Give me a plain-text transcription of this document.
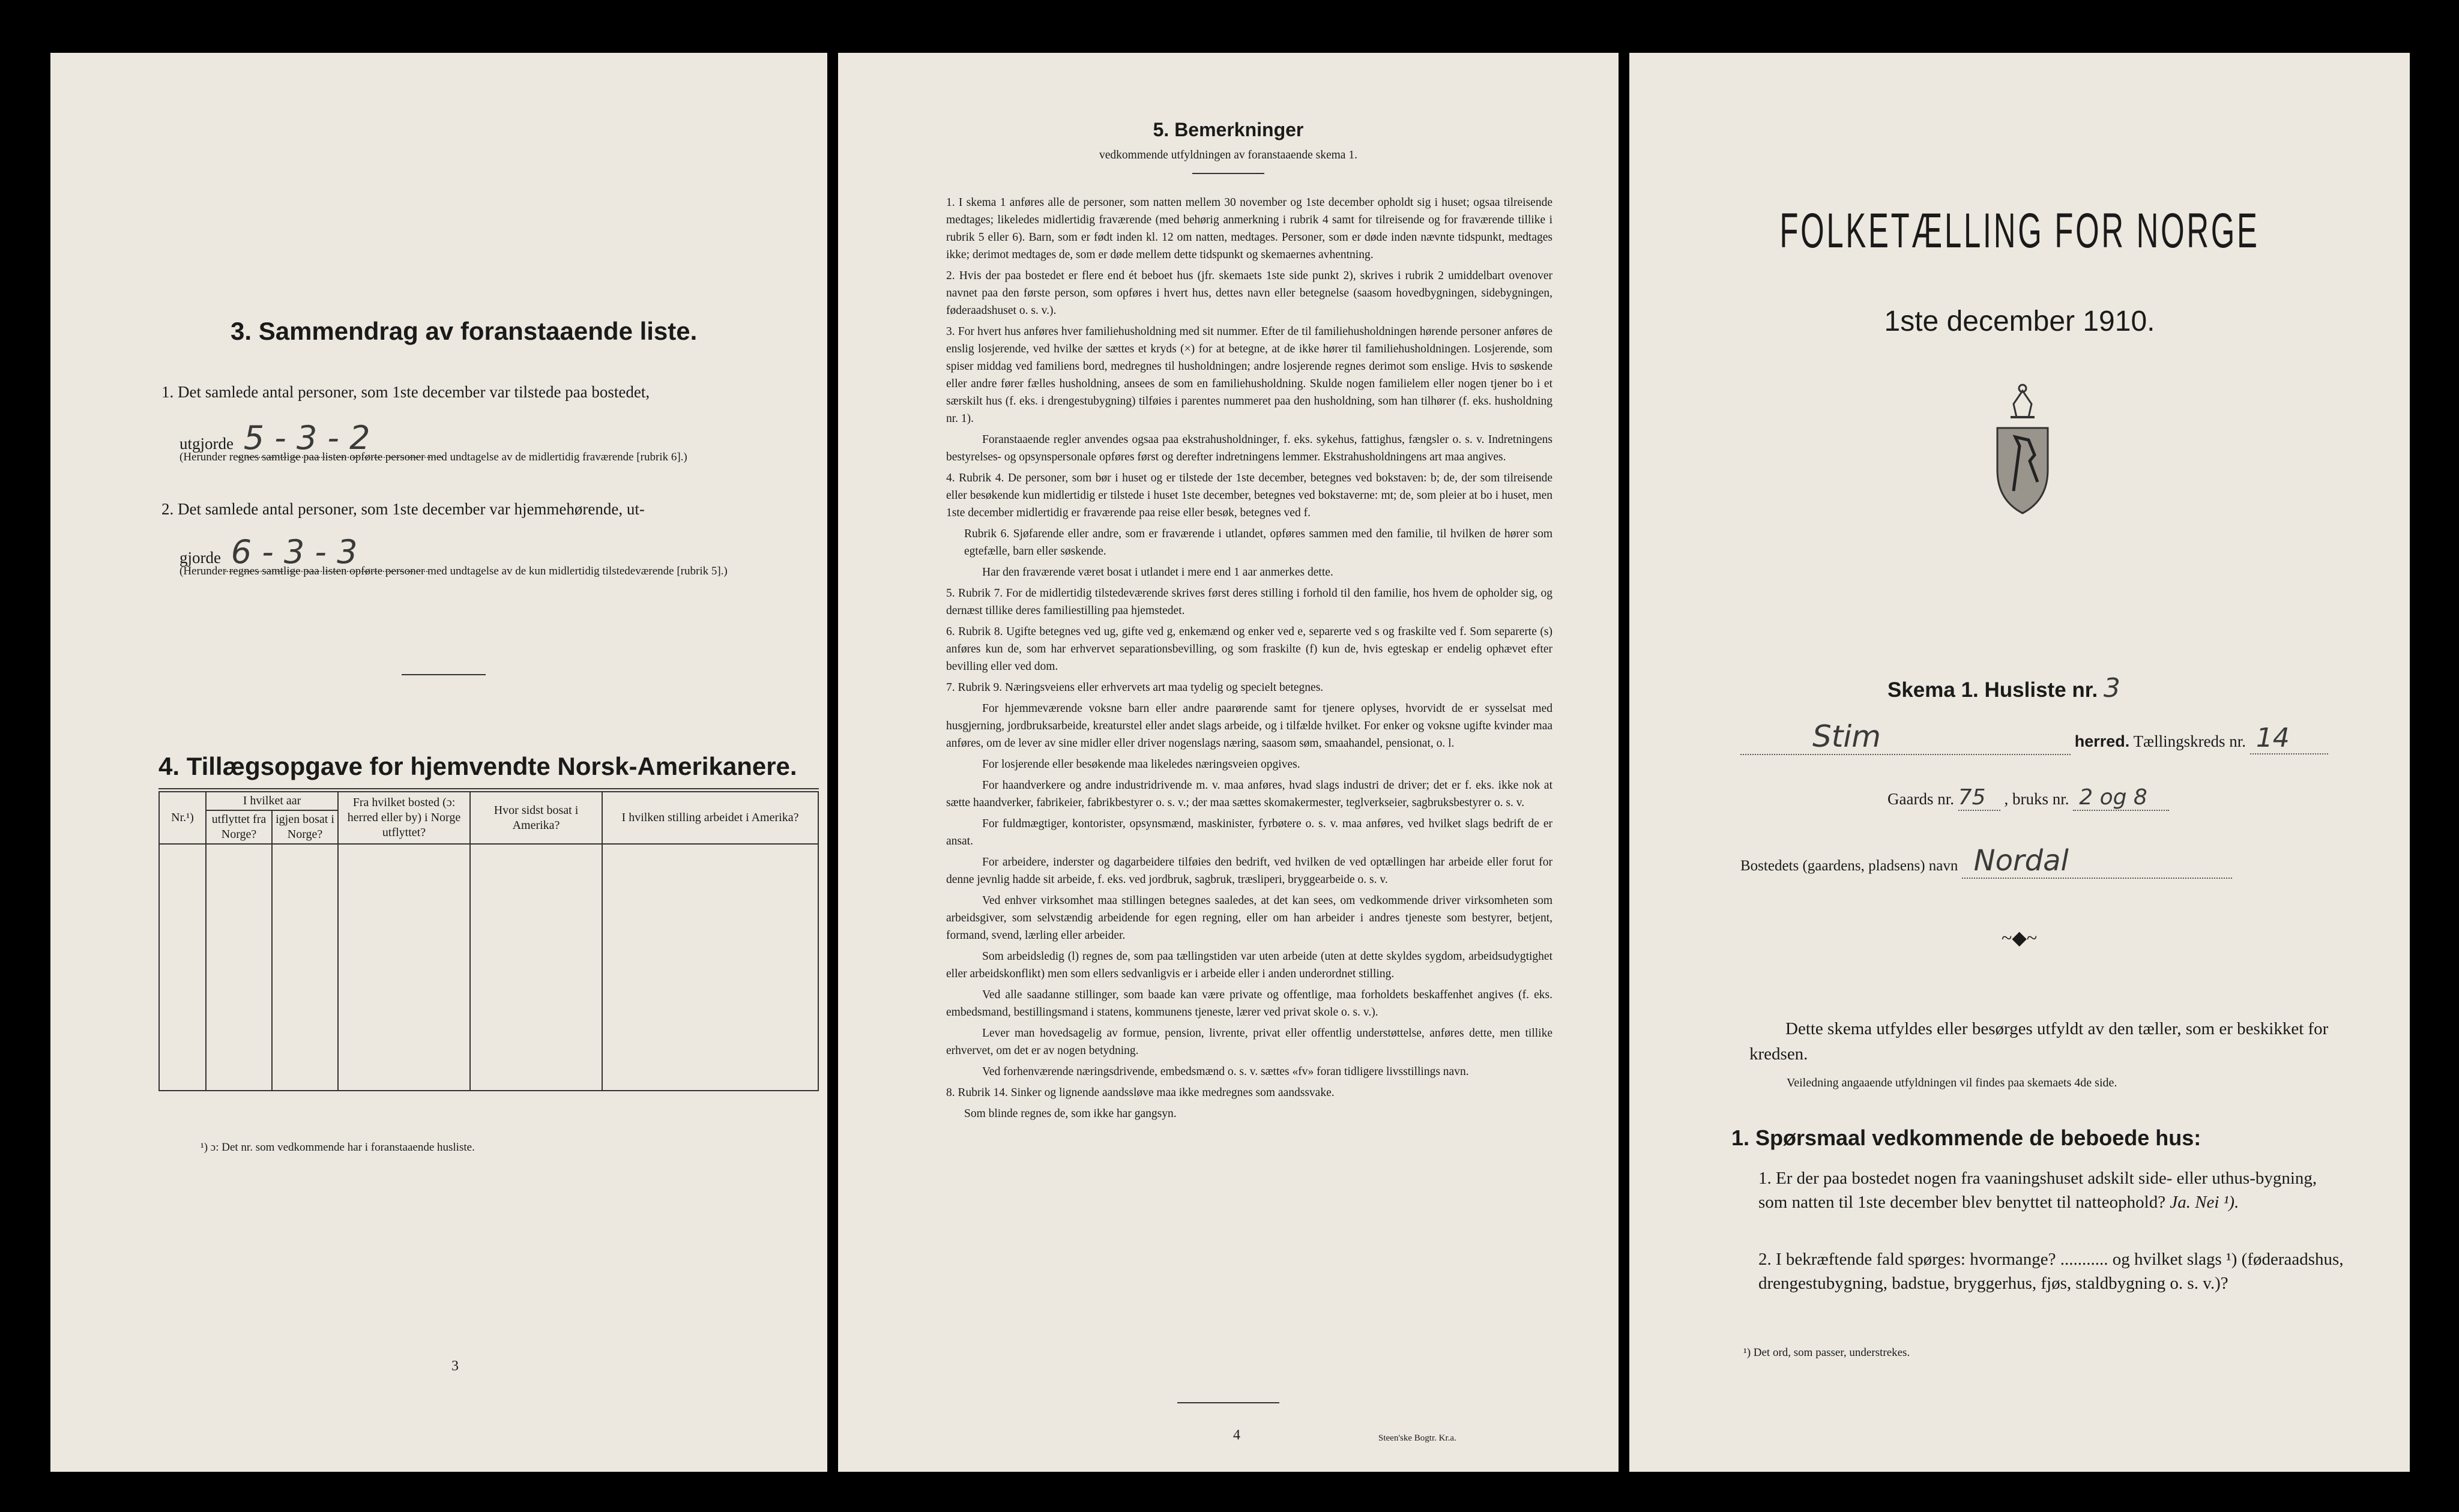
3. Sammendrag av foranstaaende liste.
1. Det samlede antal personer, som 1ste december var tilstede paa bostedet,
utgjorde 5 - 3 - 2
(Herunder regnes samtlige paa listen opførte personer med undtagelse av de midlertidig fraværende [rubrik 6].)
2. Det samlede antal personer, som 1ste december var hjemmehørende, ut-
gjorde 6 - 3 - 3
(Herunder regnes samtlige paa listen opførte personer med undtagelse av de kun midlertidig tilstedeværende [rubrik 5].)
4. Tillægsopgave for hjemvendte Norsk-Amerikanere.
Nr.¹)	I hvilket aar		Fra hvilket bosted (ɔ: herred eller by) i Norge utflyttet?	Hvor sidst bosat i Amerika?	I hvilken stilling arbeidet i Amerika?
	utflyttet fra Norge?	igjen bosat i Norge?			

¹) ɔ: Det nr. som vedkommende har i foranstaaende husliste.
3
5. Bemerkninger
vedkommende utfyldningen av foranstaaende skema 1.

1. I skema 1 anføres alle de personer, som natten mellem 30 november og 1ste december opholdt sig i huset; ogsaa tilreisende medtages; likeledes midlertidig fraværende (med behørig anmerkning i rubrik 4 samt for tilreisende og for fraværende tillike i rubrik 5 eller 6). Barn, som er født inden kl. 12 om natten, medtages. Personer, som er døde inden nævnte tidspunkt, medtages ikke; derimot medtages de, som er døde mellem dette tidspunkt og skemaernes avhentning.

2. Hvis der paa bostedet er flere end ét beboet hus (jfr. skemaets 1ste side punkt 2), skrives i rubrik 2 umiddelbart ovenover navnet paa den første person, som opføres i hvert hus, dettes navn eller betegnelse (saasom hovedbygningen, sidebygningen, føderaadshuset o. s. v.).

3. For hvert hus anføres hver familiehusholdning med sit nummer. Efter de til familiehusholdningen hørende personer anføres de enslig losjerende, ved hvilke der sættes et kryds (×) for at betegne, at de ikke hører til familiehusholdningen. Losjerende, som spiser middag ved familiens bord, medregnes til husholdningen; andre losjerende regnes derimot som enslige. Hvis to søskende eller andre fører fælles husholdning, ansees de som en familiehusholdning. Skulde nogen familielem eller nogen tjener bo i et særskilt hus (f. eks. i drengestubygning) tilføies i parentes nummeret paa den husholdning, som han tilhører (f. eks. husholdning nr. 1).

Foranstaaende regler anvendes ogsaa paa ekstrahusholdninger, f. eks. sykehus, fattighus, fængsler o. s. v. Indretningens bestyrelses- og opsynspersonale opføres først og derefter indretningens lemmer. Ekstrahusholdningens art maa angives.

4. Rubrik 4. De personer, som bør i huset og er tilstede der 1ste december, betegnes ved bokstaven: b; de, der som tilreisende eller besøkende kun midlertidig er tilstede i huset 1ste december, betegnes ved bokstaverne: mt; de, som pleier at bo i huset, men 1ste december midlertidig er fraværende paa reise eller besøk, betegnes ved f.

Rubrik 6. Sjøfarende eller andre, som er fraværende i utlandet, opføres sammen med den familie, til hvilken de hører som egtefælle, barn eller søskende.

Har den fraværende været bosat i utlandet i mere end 1 aar anmerkes dette.

5. Rubrik 7. For de midlertidig tilstedeværende skrives først deres stilling i forhold til den familie, hos hvem de opholder sig, og dernæst tillike deres familiestilling paa hjemstedet.

6. Rubrik 8. Ugifte betegnes ved ug, gifte ved g, enkemænd og enker ved e, separerte ved s og fraskilte ved f. Som separerte (s) anføres kun de, som har erhvervet separationsbevilling, og som fraskilte (f) kun de, hvis egteskap er endelig ophævet efter bevilling eller ved dom.

7. Rubrik 9. Næringsveiens eller erhvervets art maa tydelig og specielt betegnes.

For hjemmeværende voksne barn eller andre paarørende samt for tjenere oplyses, hvorvidt de er sysselsat med husgjerning, jordbruksarbeide, kreaturstel eller andet slags arbeide, og i tilfælde hvilket. For enker og voksne ugifte kvinder maa anføres, om de lever av sine midler eller driver nogenslags næring, saasom søm, smaahandel, pensionat, o. l.

For losjerende eller besøkende maa likeledes næringsveien opgives.

For haandverkere og andre industridrivende m. v. maa anføres, hvad slags industri de driver; det er f. eks. ikke nok at sætte haandverker, fabrikeier, fabrikbestyrer o. s. v.; der maa sættes skomakermester, teglverkseier, sagbruksbestyrer o. s. v.

For fuldmægtiger, kontorister, opsynsmænd, maskinister, fyrbøtere o. s. v. maa anføres, ved hvilket slags bedrift de er ansat.

For arbeidere, inderster og dagarbeidere tilføies den bedrift, ved hvilken de ved optællingen har arbeide eller forut for denne jevnlig hadde sit arbeide, f. eks. ved jordbruk, sagbruk, træsliperi, bryggearbeide o. s. v.

Ved enhver virksomhet maa stillingen betegnes saaledes, at det kan sees, om vedkommende driver virksomheten som arbeidsgiver, som selvstændig arbeidende for egen regning, eller om han arbeider i andres tjeneste som bestyrer, betjent, formand, svend, lærling eller arbeider.

Som arbeidsledig (l) regnes de, som paa tællingstiden var uten arbeide (uten at dette skyldes sygdom, arbeidsudygtighet eller arbeidskonflikt) men som ellers sedvanligvis er i arbeide eller i anden underordnet stilling.

Ved alle saadanne stillinger, som baade kan være private og offentlige, maa forholdets beskaffenhet angives (f. eks. embedsmand, bestillingsmand i statens, kommunens tjeneste, lærer ved privat skole o. s. v.).

Lever man hovedsagelig av formue, pension, livrente, privat eller offentlig understøttelse, anføres dette, men tillike erhvervet, om det er av nogen betydning.

Ved forhenværende næringsdrivende, embedsmænd o. s. v. sættes «fv» foran tidligere livsstillings navn.

8. Rubrik 14. Sinker og lignende aandssløve maa ikke medregnes som aandssvake.

Som blinde regnes de, som ikke har gangsyn.

4	Steen'ske Bogtr. Kr.a.
FOLKETÆLLING FOR NORGE
1ste december 1910.
Skema 1. Husliste nr. 3
Stim	herred. Tællingskreds nr. 14
Gaards nr. 75 , bruks nr. 2 og 8
Bostedets (gaardens, pladsens) navn Nordal
~◆~
Dette skema utfyldes eller besørges utfyldt av den tæller, som er beskikket for kredsen.
Veiledning angaaende utfyldningen vil findes paa skemaets 4de side.
1. Spørsmaal vedkommende de beboede hus:
1. Er der paa bostedet nogen fra vaaningshuset adskilt side- eller uthus-bygning, som natten til 1ste december blev benyttet til natteophold? Ja. Nei ¹).
2. I bekræftende fald spørges: hvormange? ........... og hvilket slags ¹) (føderaadshus, drengestubygning, badstue, bryggerhus, fjøs, staldbygning o. s. v.)?
¹) Det ord, som passer, understrekes.
